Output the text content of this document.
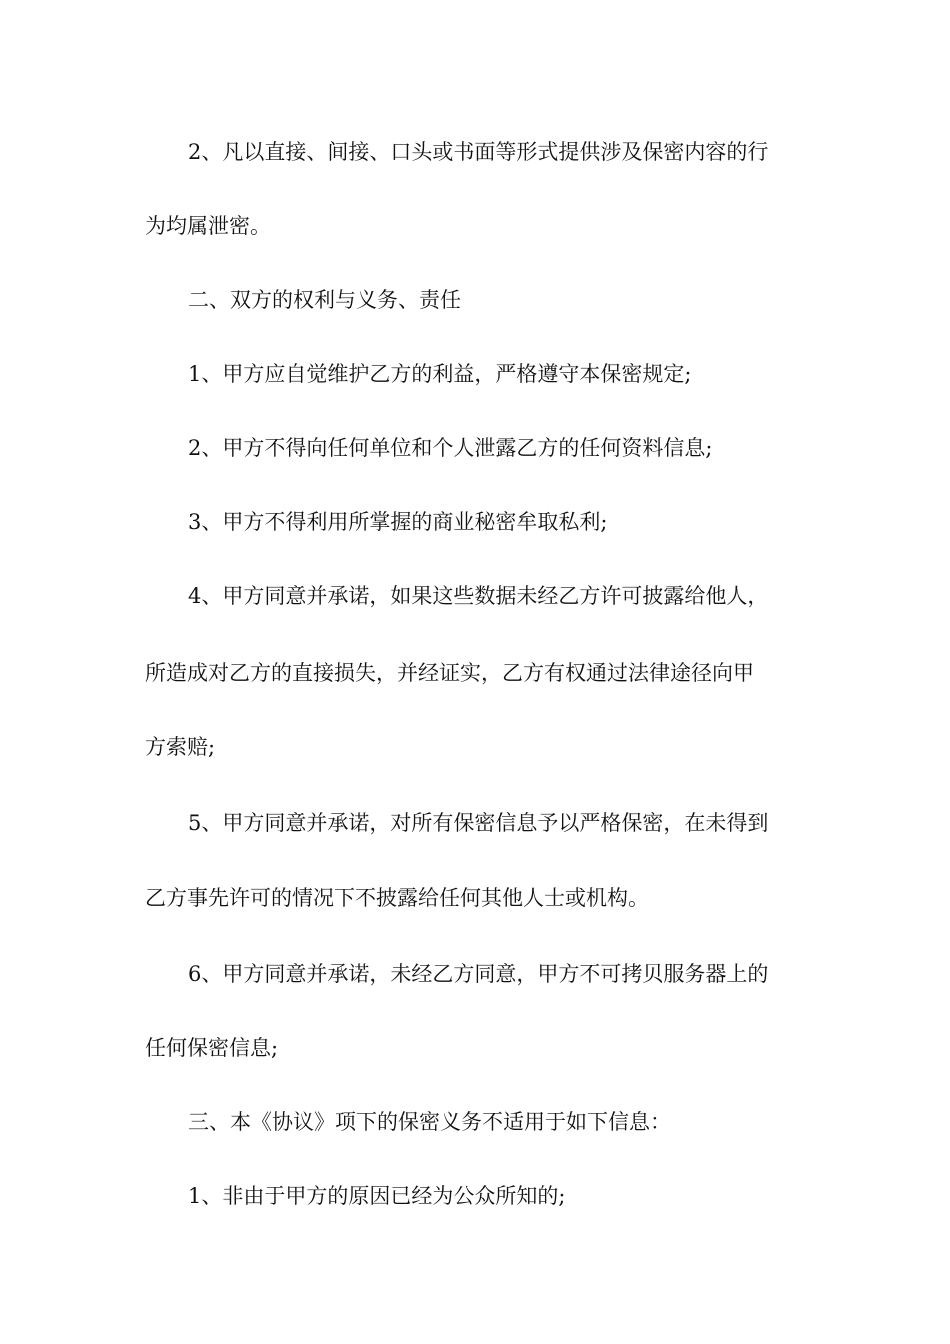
2、凡以直接、间接、口头或书面等形式提供涉及保密内容的行
为均属泄密。
二、双方的权利与义务、责任
1、甲方应自觉维护乙方的利益，严格遵守本保密规定;
2、甲方不得向任何单位和个人泄露乙方的任何资料信息;
3、甲方不得利用所掌握的商业秘密牟取私利;
4、甲方同意并承诺，如果这些数据未经乙方许可披露给他人，
所造成对乙方的直接损失，并经证实，乙方有权通过法律途径向甲
方索赔;
5、甲方同意并承诺，对所有保密信息予以严格保密，在未得到
乙方事先许可的情况下不披露给任何其他人士或机构。
6、甲方同意并承诺，未经乙方同意，甲方不可拷贝服务器上的
任何保密信息;
三、本《协议》项下的保密义务不适用于如下信息：
1、非由于甲方的原因已经为公众所知的;
